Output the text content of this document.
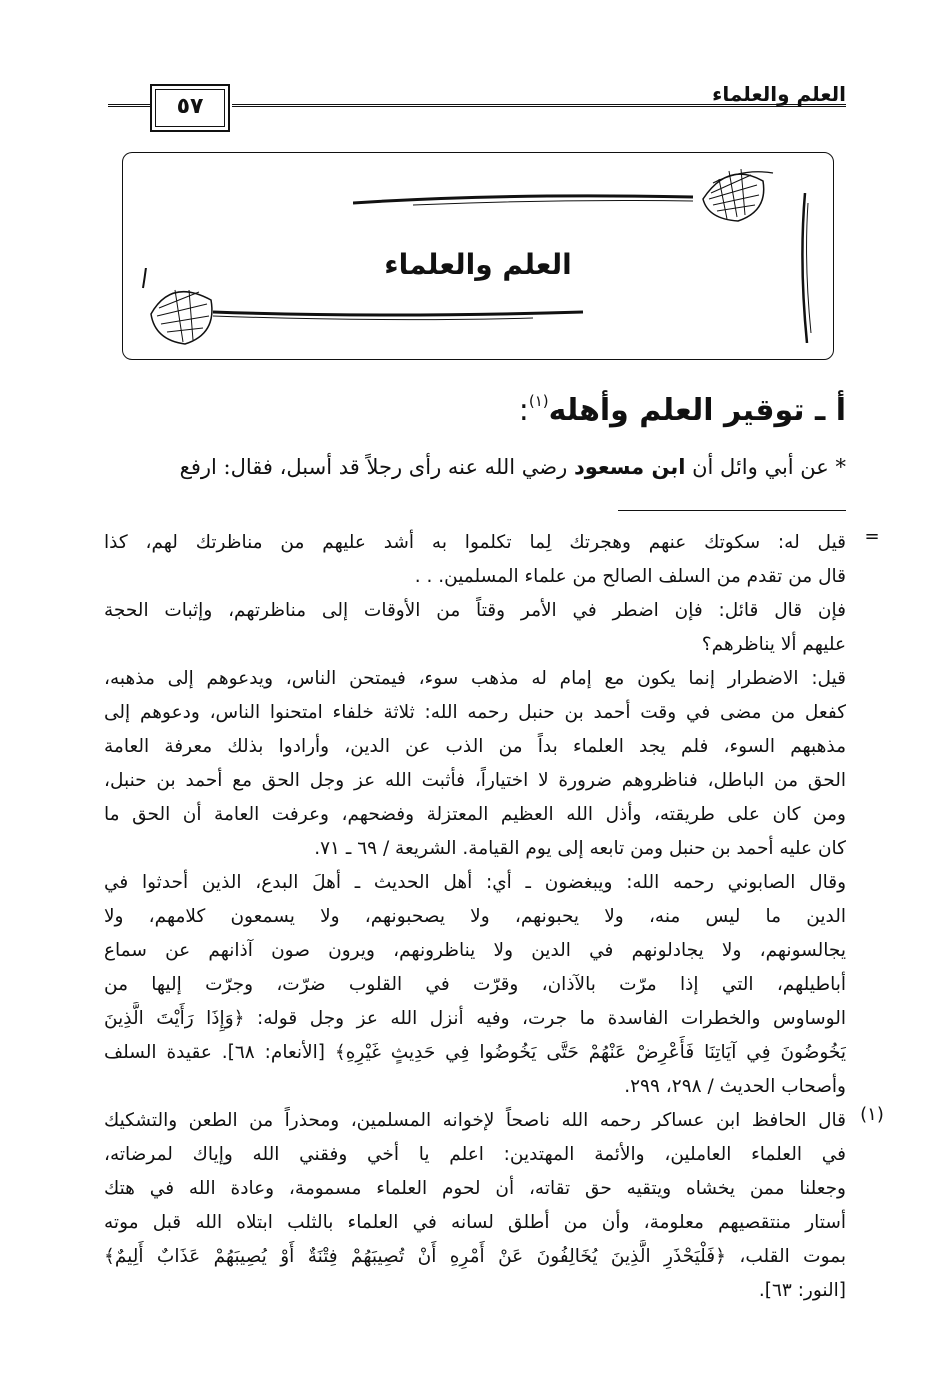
العلم والعلماء
٥٧
العلم والعلماء
أ ـ توقير العلم وأهله$^{(١)}$:
* عن أبي وائل أن ابن مسعود رضي الله عنه رأى رجلاً قد أسبل، فقال: ارفع
=
قيل له: سكوتك عنهم وهجرتك لِما تكلموا به أشد عليهم من مناظرتك لهم، كذا
قال من تقدم من السلف الصالح من علماء المسلمين. . .
فإن قال قائل: فإن اضطر في الأمر وقتاً من الأوقات إلى مناظرتهم، وإثبات الحجة
عليهم ألا يناظرهم؟
قيل: الاضطرار إنما يكون مع إمام له مذهب سوء، فيمتحن الناس، ويدعوهم إلى مذهبه،
كفعل من مضى في وقت أحمد بن حنبل رحمه الله: ثلاثة خلفاء امتحنوا الناس، ودعوهم إلى
مذهبهم السوء، فلم يجد العلماء بداً من الذب عن الدين، وأرادوا بذلك معرفة العامة
الحق من الباطل، فناظروهم ضرورة لا اختياراً، فأثبت الله عز وجل الحق مع أحمد بن حنبل،
ومن كان على طريقته، وأذل الله العظيم المعتزلة وفضحهم، وعرفت العامة أن الحق ما
كان عليه أحمد بن حنبل ومن تابعه إلى يوم القيامة. الشريعة / ٦٩ ـ ٧١.
وقال الصابوني رحمه الله: ويبغضون ـ أي: أهل الحديث ـ أهلَ البدع، الذين أحدثوا في
الدين ما ليس منه، ولا يحبونهم، ولا يصحبونهم، ولا يسمعون كلامهم، ولا
يجالسونهم، ولا يجادلونهم في الدين ولا يناظرونهم، ويرون صون آذانهم عن سماع
أباطيلهم، التي إذا مرّت بالآذان، وقرّت في القلوب ضرّت، وجرّت إليها من
الوساوس والخطرات الفاسدة ما جرت، وفيه أنزل الله عز وجل قوله: ﴿وَإِذَا رَأَيْتَ الَّذِينَ
يَخُوضُونَ فِي آيَاتِنَا فَأَعْرِضْ عَنْهُمْ حَتَّى يَخُوضُوا فِي حَدِيثٍ غَيْرِهِ﴾ [الأنعام: ٦٨]. عقيدة السلف
وأصحاب الحديث / ٢٩٨، ٢٩٩.
(١)
قال الحافظ ابن عساكر رحمه الله ناصحاً لإخوانه المسلمين، ومحذراً من الطعن والتشكيك
في العلماء العاملين، والأئمة المهتدين: اعلم يا أخي وفقني الله وإياك لمرضاته،
وجعلنا ممن يخشاه ويتقيه حق تقاته، أن لحوم العلماء مسمومة، وعادة الله في هتك
أستار منتقصيهم معلومة، وأن من أطلق لسانه في العلماء بالثلب ابتلاه الله قبل موته
بموت القلب، ﴿فَلْيَحْذَرِ الَّذِينَ يُخَالِفُونَ عَنْ أَمْرِهِ أَنْ تُصِيبَهُمْ فِتْنَةٌ أَوْ يُصِيبَهُمْ عَذَابٌ أَلِيمٌ﴾
[النور: ٦٣].
